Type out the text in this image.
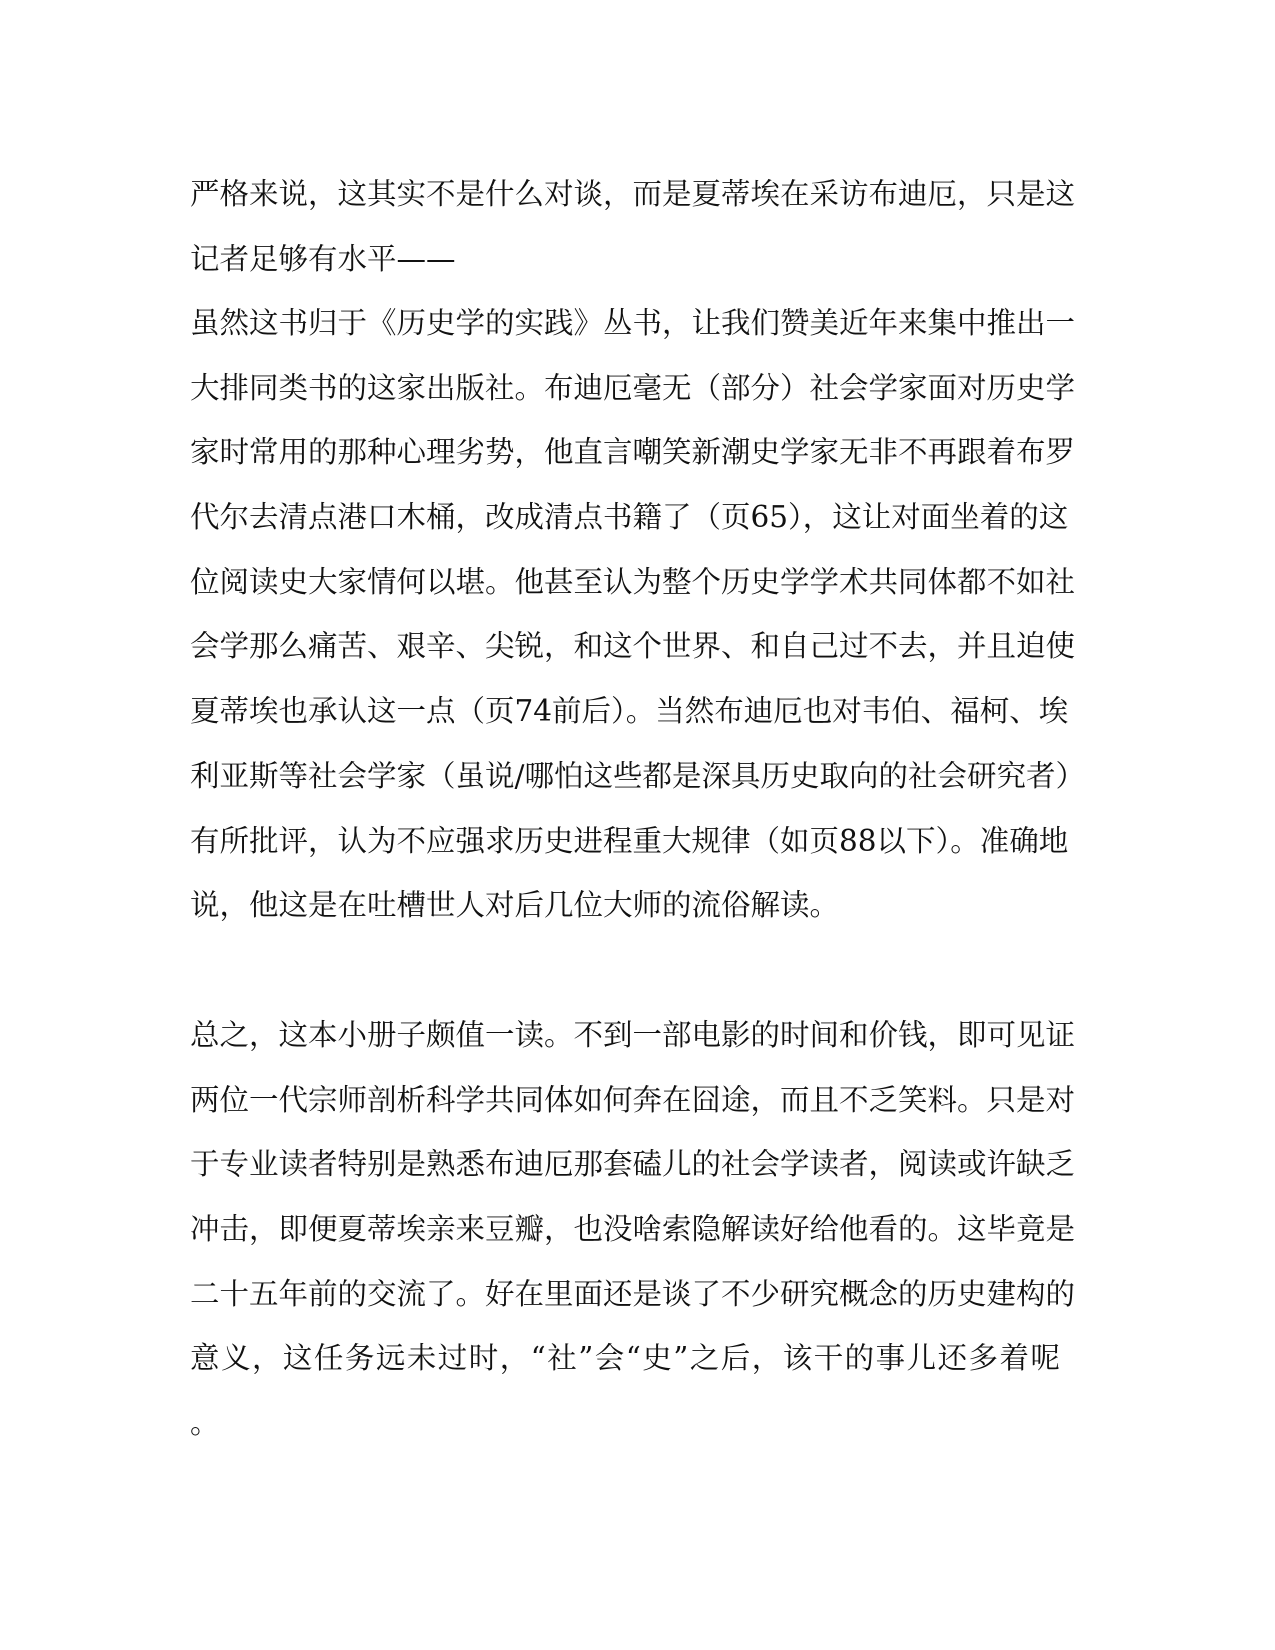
严格来说，这其实不是什么对谈，而是夏蒂埃在采访布迪厄，只是这
记者足够有水平——
虽然这书归于《历史学的实践》丛书，让我们赞美近年来集中推出一
大排同类书的这家出版社。布迪厄毫无（部分）社会学家面对历史学
家时常用的那种心理劣势，他直言嘲笑新潮史学家无非不再跟着布罗
代尔去清点港口木桶，改成清点书籍了（页65），这让对面坐着的这
位阅读史大家情何以堪。他甚至认为整个历史学学术共同体都不如社
会学那么痛苦、艰辛、尖锐，和这个世界、和自己过不去，并且迫使
夏蒂埃也承认这一点（页74前后）。当然布迪厄也对韦伯、福柯、埃
利亚斯等社会学家（虽说/哪怕这些都是深具历史取向的社会研究者）
有所批评，认为不应强求历史进程重大规律（如页88以下）。准确地
说，他这是在吐槽世人对后几位大师的流俗解读。
总之，这本小册子颇值一读。不到一部电影的时间和价钱，即可见证
两位一代宗师剖析科学共同体如何奔在囧途，而且不乏笑料。只是对
于专业读者特别是熟悉布迪厄那套磕儿的社会学读者，阅读或许缺乏
冲击，即便夏蒂埃亲来豆瓣，也没啥索隐解读好给他看的。这毕竟是
二十五年前的交流了。好在里面还是谈了不少研究概念的历史建构的
意义，这任务远未过时，“社”会“史”之后，该干的事儿还多着呢
。
